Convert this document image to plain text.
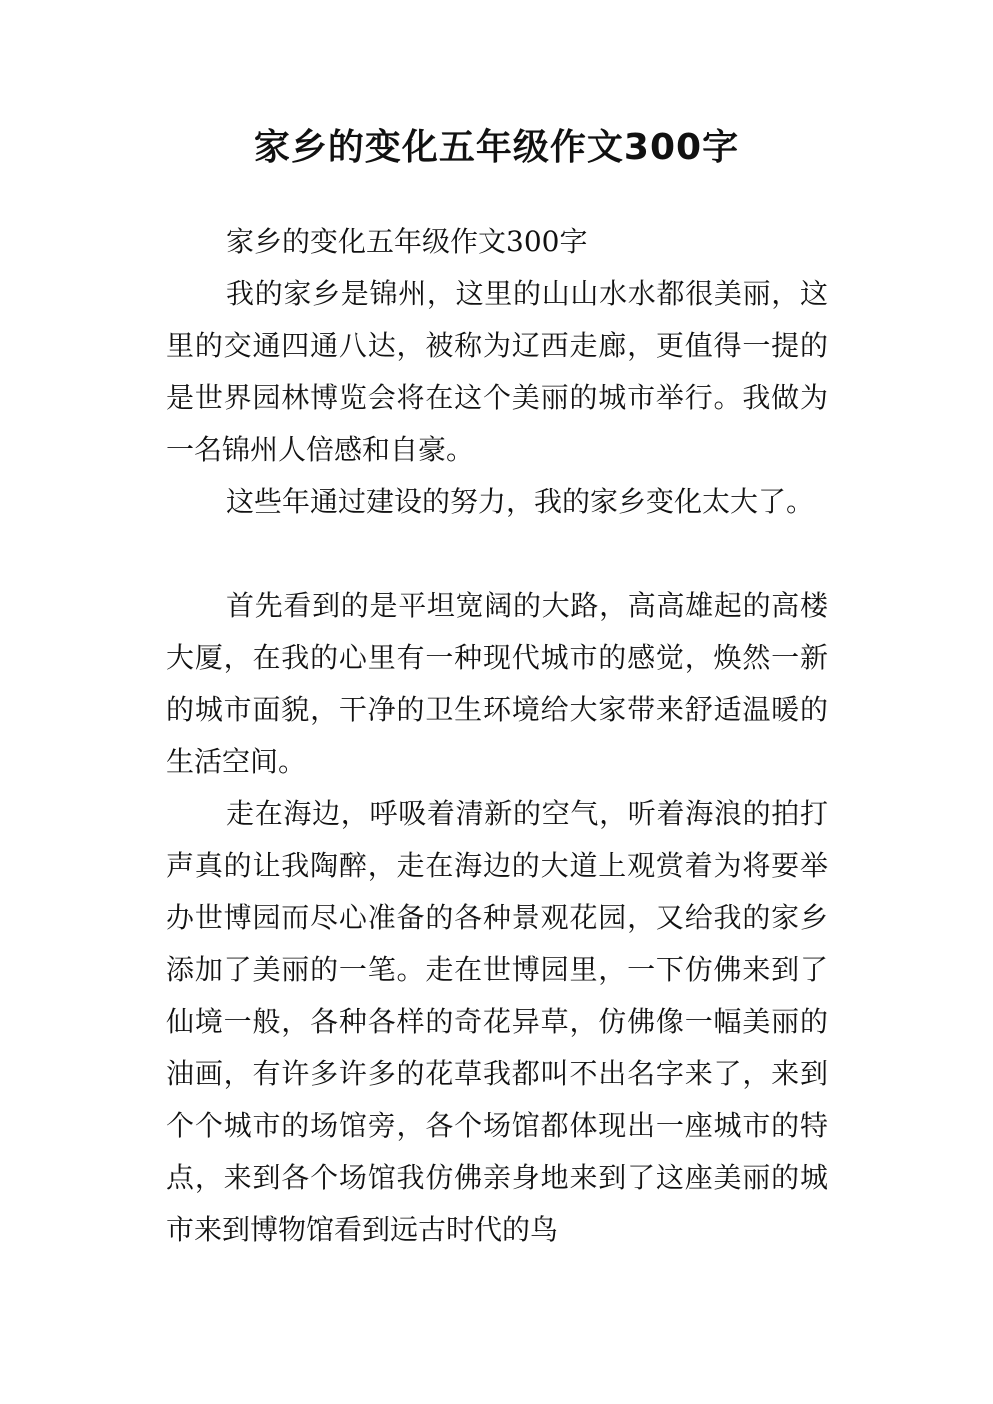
家乡的变化五年级作文300字

家乡的变化五年级作文300字

我的家乡是锦州，这里的山山水水都很美丽，这里的交通四通八达，被称为辽西走廊，更值得一提的是世界园林博览会将在这个美丽的城市举行。我做为一名锦州人倍感和自豪。

这些年通过建设的努力，我的家乡变化太大了。

首先看到的是平坦宽阔的大路，高高雄起的高楼大厦，在我的心里有一种现代城市的感觉，焕然一新的城市面貌，干净的卫生环境给大家带来舒适温暖的生活空间。

走在海边，呼吸着清新的空气，听着海浪的拍打声真的让我陶醉，走在海边的大道上观赏着为将要举办世博园而尽心准备的各种景观花园，又给我的家乡添加了美丽的一笔。走在世博园里，一下仿佛来到了仙境一般，各种各样的奇花异草，仿佛像一幅美丽的油画，有许多许多的花草我都叫不出名字来了，来到个个城市的场馆旁，各个场馆都体现出一座城市的特点，来到各个场馆我仿佛亲身地来到了这座美丽的城市来到博物馆看到远古时代的鸟
